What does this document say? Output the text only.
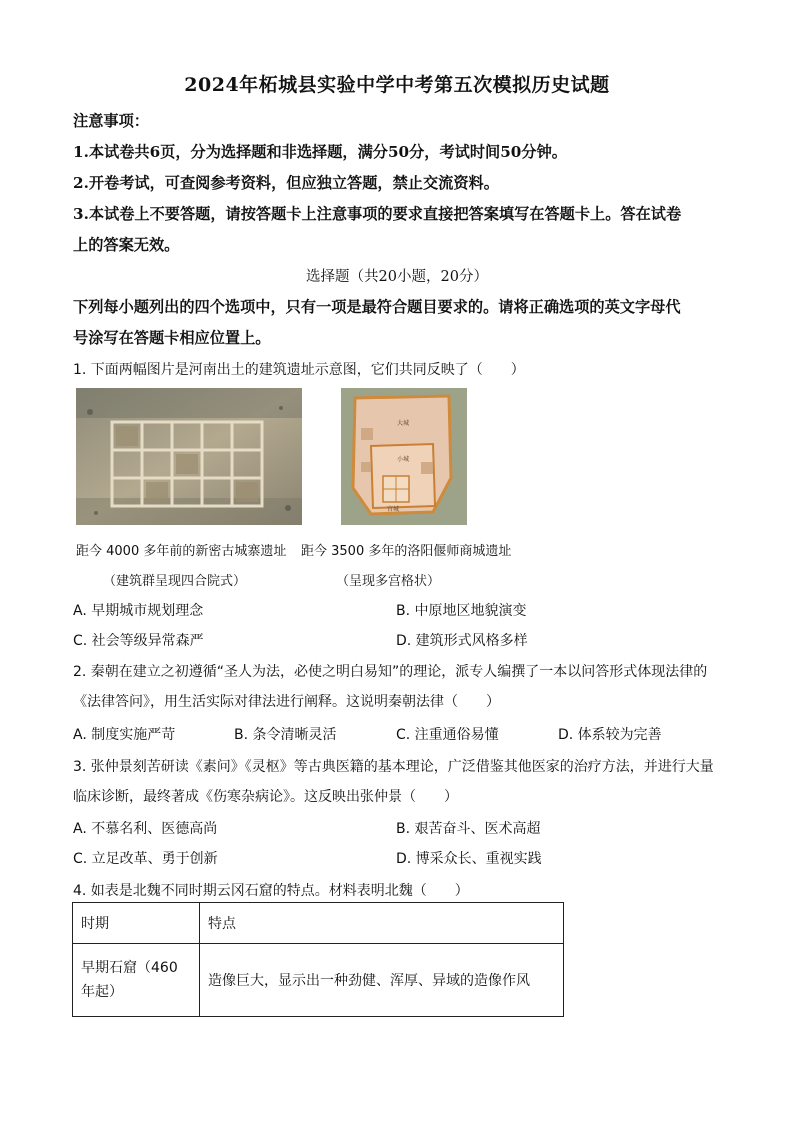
2024年柘城县实验中学中考第五次模拟历史试题
注意事项：
1.本试卷共6页，分为选择题和非选择题，满分50分，考试时间50分钟。
2.开卷考试，可查阅参考资料，但应独立答题，禁止交流资料。
3.本试卷上不要答题，请按答题卡上注意事项的要求直接把答案填写在答题卡上。答在试卷
上的答案无效。
选择题（共20小题，20分）
下列每小题列出的四个选项中，只有一项是最符合题目要求的。请将正确选项的英文字母代
号涂写在答题卡相应位置上。
1. 下面两幅图片是河南出土的建筑遗址示意图，它们共同反映了（　　）
大城
小城
宫城
距今 4000 多年前的新密古城寨遗址 距今 3500 多年的洛阳偃师商城遗址
（建筑群呈现四合院式）	（呈现多宫格状）
A. 早期城市规划理念	B. 中原地区地貌演变
C. 社会等级异常森严	D. 建筑形式风格多样
2. 秦朝在建立之初遵循“圣人为法，必使之明白易知”的理论，派专人编撰了一本以问答形式体现法律的
《法律答问》，用生活实际对律法进行阐释。这说明秦朝法律（　　）
A. 制度实施严苛	B. 条令清晰灵活	C. 注重通俗易懂	D. 体系较为完善
3. 张仲景刻苦研读《素问》《灵枢》等古典医籍的基本理论，广泛借鉴其他医家的治疗方法，并进行大量
临床诊断，最终著成《伤寒杂病论》。这反映出张仲景（　　）
A. 不慕名利、医德高尚	B. 艰苦奋斗、医术高超
C. 立足改革、勇于创新	D. 博采众长、重视实践
4. 如表是北魏不同时期云冈石窟的特点。材料表明北魏（　　）
时期	特点
早期石窟（460年起）	造像巨大，显示出一种劲健、浑厚、异域的造像作风
